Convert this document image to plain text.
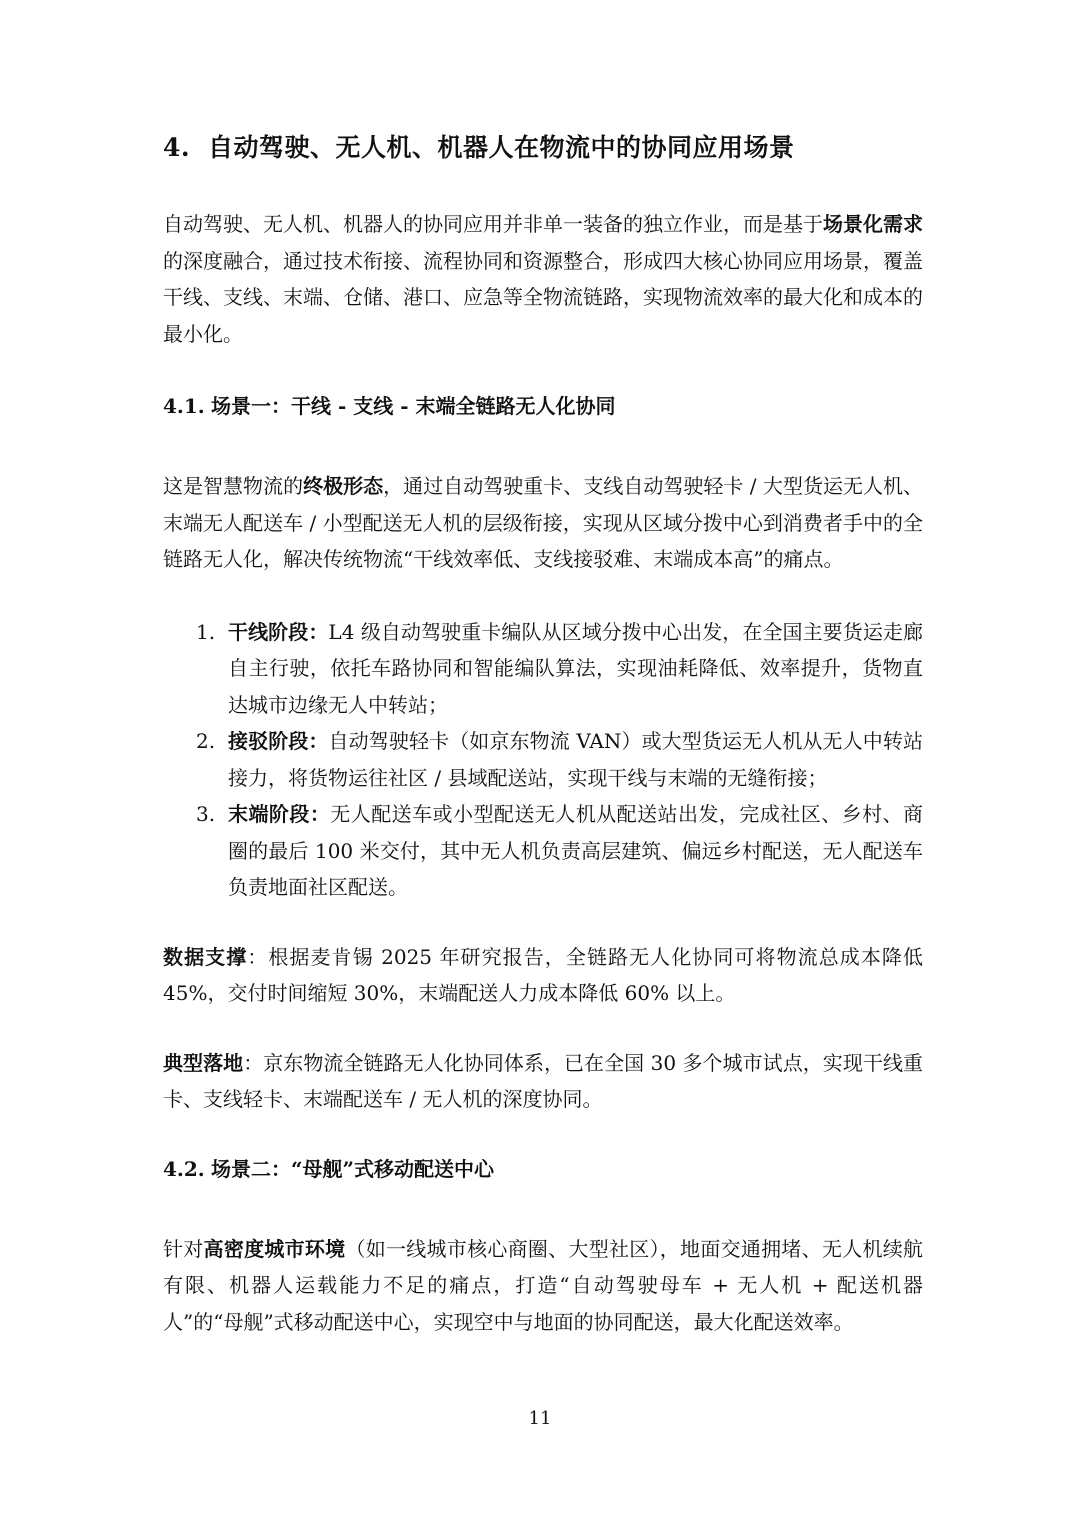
4. 自动驾驶、无人机、机器人在物流中的协同应用场景

自动驾驶、无人机、机器人的协同应用并非单一装备的独立作业，而是基于场景化需求的深度融合，通过技术衔接、流程协同和资源整合，形成四大核心协同应用场景，覆盖干线、支线、末端、仓储、港口、应急等全物流链路，实现物流效率的最大化和成本的最小化。

4.1. 场景一：干线 - 支线 - 末端全链路无人化协同

这是智慧物流的终极形态，通过自动驾驶重卡、支线自动驾驶轻卡 / 大型货运无人机、末端无人配送车 / 小型配送无人机的层级衔接，实现从区域分拨中心到消费者手中的全链路无人化，解决传统物流“干线效率低、支线接驳难、末端成本高”的痛点。

1. 干线阶段：L4 级自动驾驶重卡编队从区域分拨中心出发，在全国主要货运走廊自主行驶，依托车路协同和智能编队算法，实现油耗降低、效率提升，货物直达城市边缘无人中转站；
2. 接驳阶段：自动驾驶轻卡（如京东物流 VAN）或大型货运无人机从无人中转站接力，将货物运往社区 / 县域配送站，实现干线与末端的无缝衔接；
3. 末端阶段：无人配送车或小型配送无人机从配送站出发，完成社区、乡村、商圈的最后 100 米交付，其中无人机负责高层建筑、偏远乡村配送，无人配送车负责地面社区配送。

数据支撑：根据麦肯锡 2025 年研究报告，全链路无人化协同可将物流总成本降低 45%，交付时间缩短 30%，末端配送人力成本降低 60% 以上。

典型落地：京东物流全链路无人化协同体系，已在全国 30 多个城市试点，实现干线重卡、支线轻卡、末端配送车 / 无人机的深度协同。

4.2. 场景二：“母舰”式移动配送中心

针对高密度城市环境（如一线城市核心商圈、大型社区），地面交通拥堵、无人机续航有限、机器人运载能力不足的痛点，打造“自动驾驶母车 + 无人机 + 配送机器人”的“母舰”式移动配送中心，实现空中与地面的协同配送，最大化配送效率。

11
